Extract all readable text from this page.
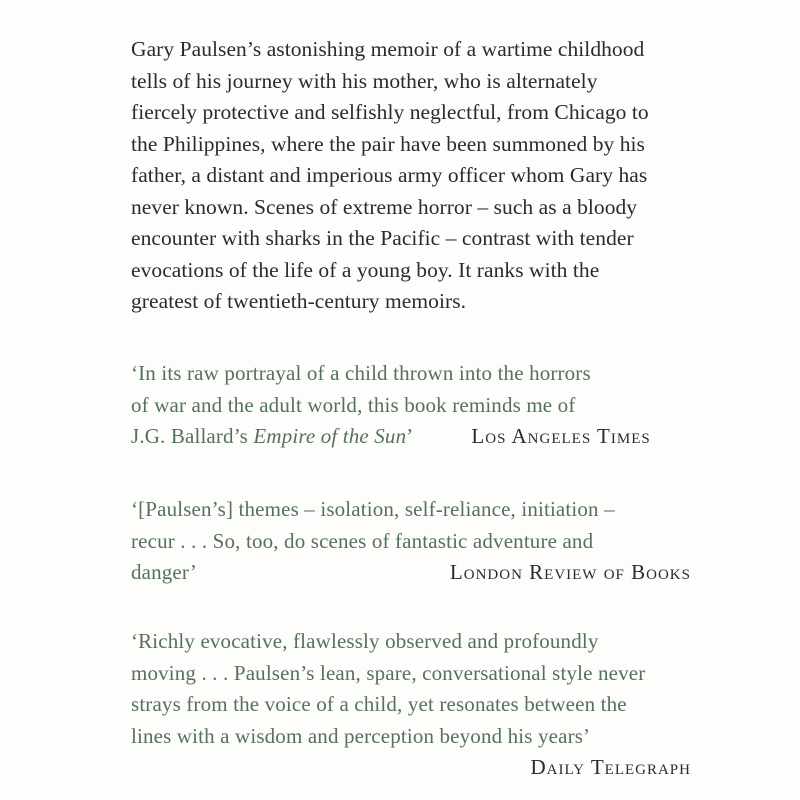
Gary Paulsen’s astonishing memoir of a wartime childhood
tells of his journey with his mother, who is alternately
fiercely protective and selfishly neglectful, from Chicago to
the Philippines, where the pair have been summoned by his
father, a distant and imperious army officer whom Gary has
never known. Scenes of extreme horror – such as a bloody
encounter with sharks in the Pacific – contrast with tender
evocations of the life of a young boy. It ranks with the
greatest of twentieth-century memoirs.
‘In its raw portrayal of a child thrown into the horrors
of war and the adult world, this book reminds me of
J.G. Ballard’s Empire of the Sun’	Los Angeles Times
‘[Paulsen’s] themes – isolation, self-reliance, initiation –
recur . . . So, too, do scenes of fantastic adventure and
danger’	London Review of Books
‘Richly evocative, flawlessly observed and profoundly
moving . . . Paulsen’s lean, spare, conversational style never
strays from the voice of a child, yet resonates between the
lines with a wisdom and perception beyond his years’
Daily Telegraph
